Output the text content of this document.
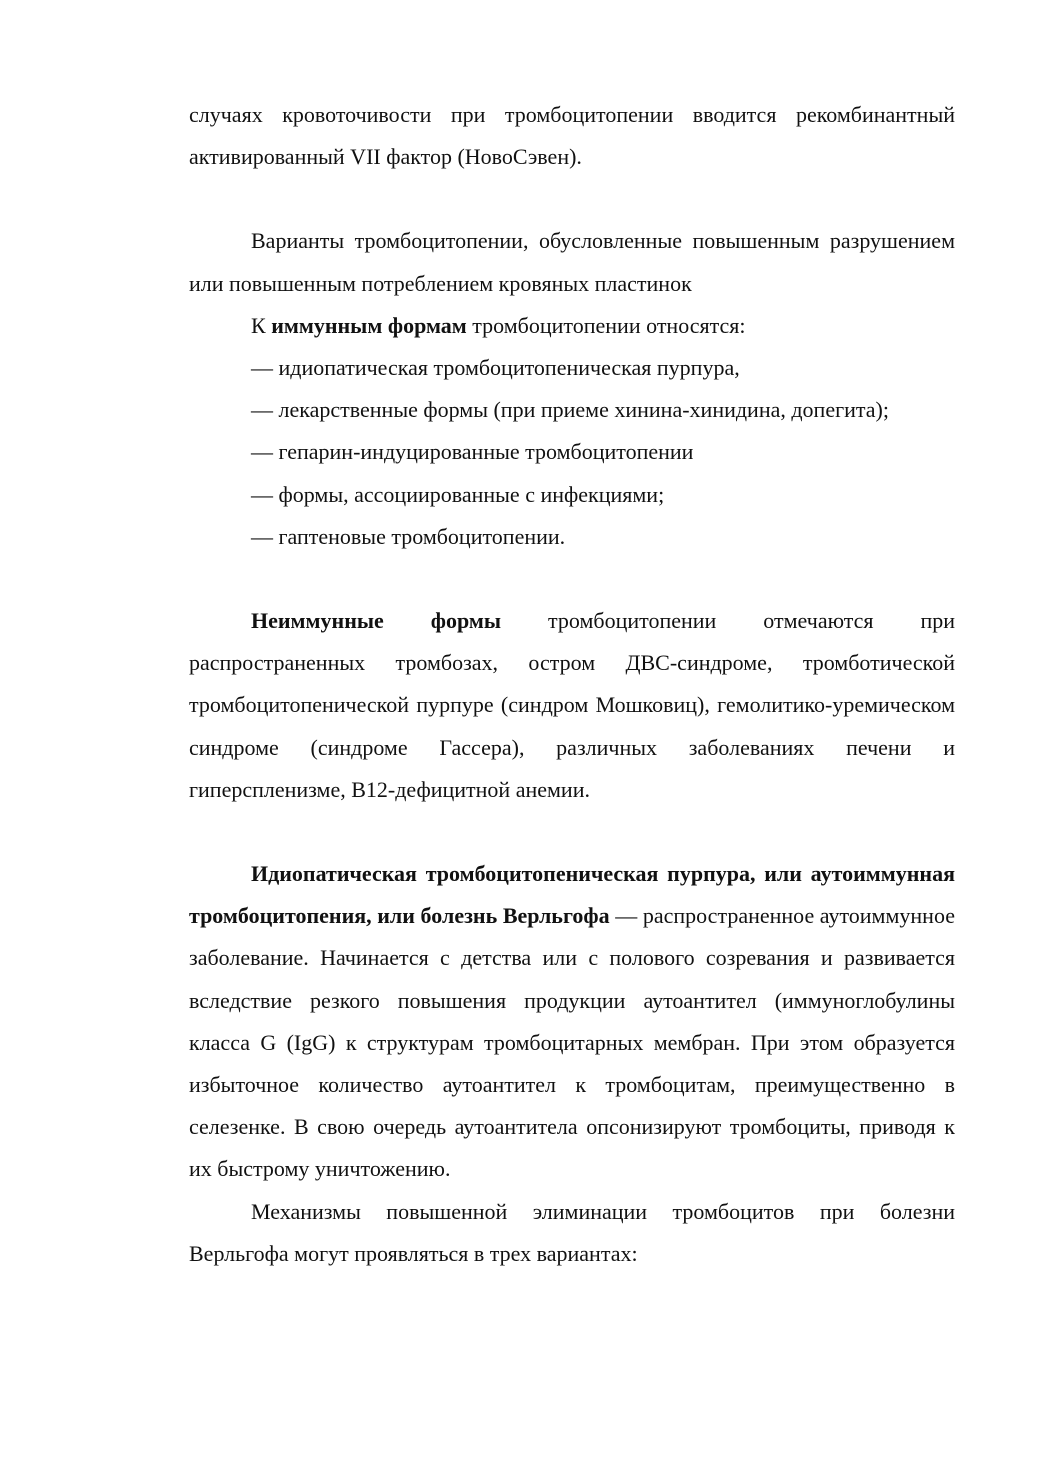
случаях кровоточивости при тромбоцитопении вводится рекомбинантный активированный VII фактор (НовоСэвен).

Варианты тромбоцитопении, обусловленные повышенным разрушением или повышенным потреблением кровяных пластинок

К иммунным формам тромбоцитопении относятся:

— идиопатическая тромбоцитопеническая пурпура,
— лекарственные формы (при приеме хинина-хинидина, допегита);
— гепарин-индуцированные тромбоцитопении
— формы, ассоциированные с инфекциями;
— гаптеновые тромбоцитопении.

Неиммунные формы тромбоцитопении отмечаются при распространенных тромбозах, остром ДВС-синдроме, тромботической тромбоцитопенической пурпуре (синдром Мошковиц), гемолитико-уремическом синдроме (синдроме Гассера), различных заболеваниях печени и гиперспленизме, В12-дефицитной анемии.

Идиопатическая тромбоцитопеническая пурпура, или аутоиммунная тромбоцитопения, или болезнь Верльгофа — распространенное аутоиммунное заболевание. Начинается с детства или с полового созревания и развивается вследствие резкого повышения продукции аутоантител (иммуноглобулины класса G (IgG) к структурам тромбоцитарных мембран. При этом образуется избыточное количество аутоантител к тромбоцитам, преимущественно в селезенке. В свою очередь аутоантитела опсонизируют тромбоциты, приводя к их быстрому уничтожению.

Механизмы повышенной элиминации тромбоцитов при болезни Верльгофа могут проявляться в трех вариантах:
